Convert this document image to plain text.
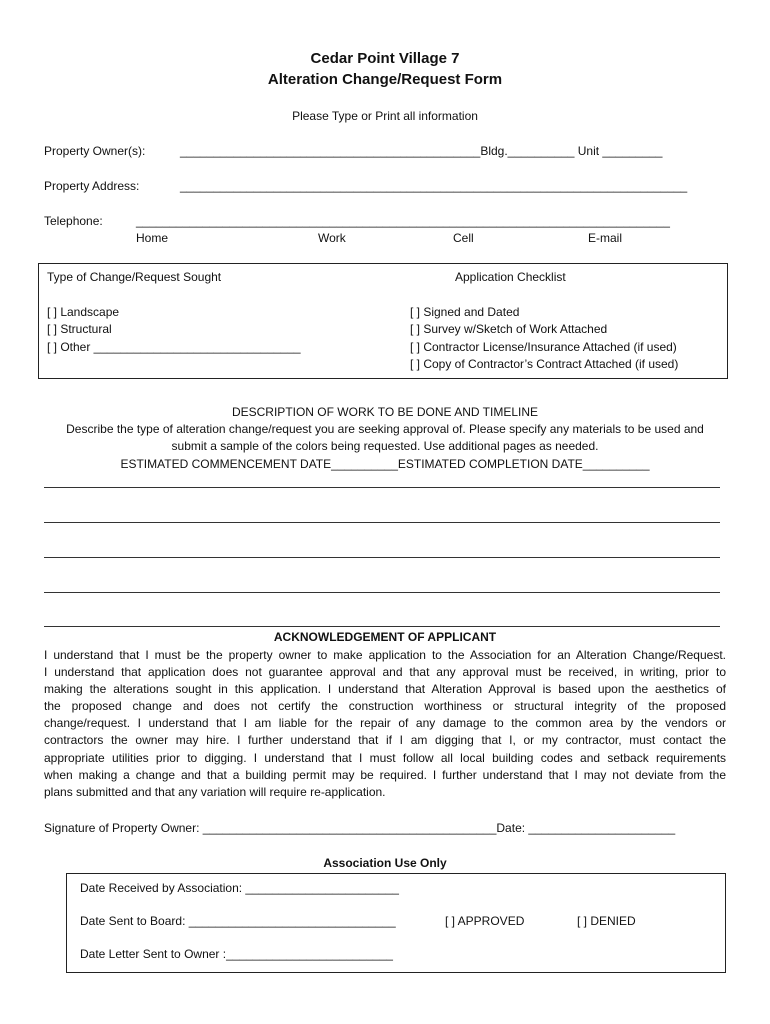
Cedar Point Village 7
Alteration Change/Request Form
Please Type or Print all information
Property Owner(s):	_____________________________________________Bldg.__________ Unit _________
Property Address:	____________________________________________________________________________
Telephone:	________________________________________________________________________________
Home	Work	Cell	E-mail
Type of Change/Request Sought
[ ] Landscape
[ ] Structural
[ ] Other _______________________________
Application Checklist
[ ] Signed and Dated
[ ] Survey w/Sketch of Work Attached
[ ] Contractor License/Insurance Attached (if used)
[ ] Copy of Contractor’s Contract Attached (if used)
DESCRIPTION OF WORK TO BE DONE AND TIMELINE
Describe the type of alteration change/request you are seeking approval of. Please specify any materials to be used and
submit a sample of the colors being requested. Use additional pages as needed.
ESTIMATED COMMENCEMENT DATE__________ESTIMATED COMPLETION DATE__________
ACKNOWLEDGEMENT OF APPLICANT
I understand that I must be the property owner to make application to the Association for an Alteration Change/Request.
I understand that application does not guarantee approval and that any approval must be received, in writing, prior to
making the alterations sought in this application. I understand that Alteration Approval is based upon the aesthetics of
the proposed change and does not certify the construction worthiness or structural integrity of the proposed
change/request. I understand that I am liable for the repair of any damage to the common area by the vendors or
contractors the owner may hire. I further understand that if I am digging that I, or my contractor, must contact the
appropriate utilities prior to digging. I understand that I must follow all local building codes and setback requirements
when making a change and that a building permit may be required. I further understand that I may not deviate from the
plans submitted and that any variation will require re-application.
Signature of Property Owner: ____________________________________________Date: ______________________
Association Use Only
Date Received by Association: _______________________
Date Sent to Board: _______________________________	[ ] APPROVED	[ ] DENIED
Date Letter Sent to Owner :_________________________
